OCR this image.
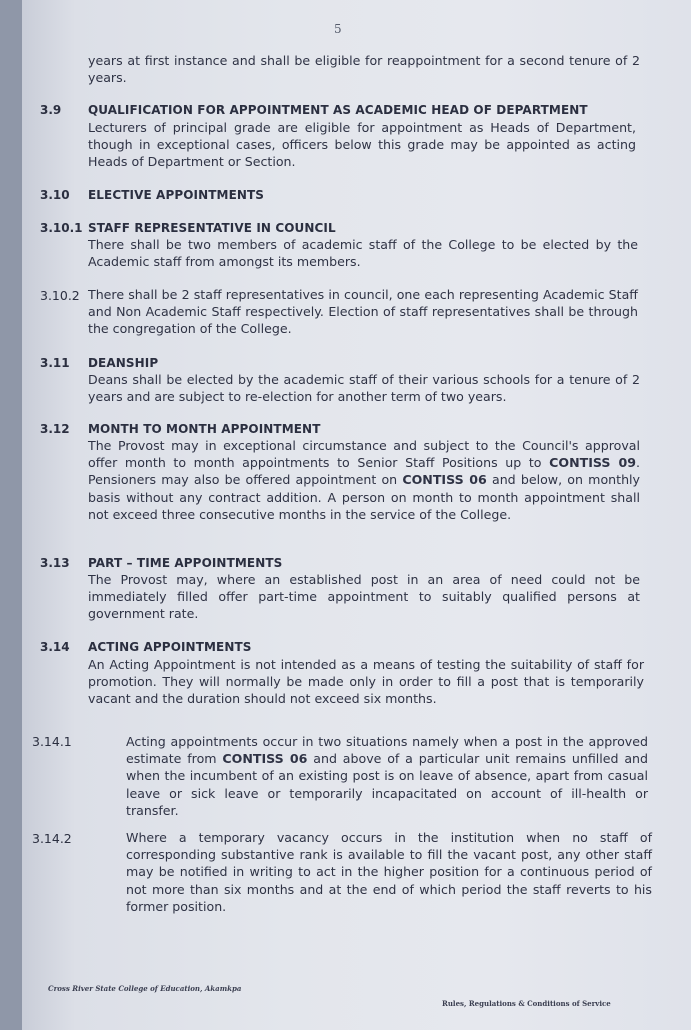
5
years at first instance and shall be eligible for reappointment for a second tenure of 2 years.
3.9 QUALIFICATION FOR APPOINTMENT AS ACADEMIC HEAD OF DEPARTMENT
Lecturers of principal grade are eligible for appointment as Heads of Department, though in exceptional cases, officers below this grade may be appointed as acting Heads of Department or Section.
3.10 ELECTIVE APPOINTMENTS
3.10.1 STAFF REPRESENTATIVE IN COUNCIL
There shall be two members of academic staff of the College to be elected by the Academic staff from amongst its members.
3.10.2 There shall be 2 staff representatives in council, one each representing Academic Staff and Non Academic Staff respectively. Election of staff representatives shall be through the congregation of the College.
3.11 DEANSHIP
Deans shall be elected by the academic staff of their various schools for a tenure of 2 years and are subject to re-election for another term of two years.
3.12 MONTH TO MONTH APPOINTMENT
The Provost may in exceptional circumstance and subject to the Council's approval offer month to month appointments to Senior Staff Positions up to CONTISS 09. Pensioners may also be offered appointment on CONTISS 06 and below, on monthly basis without any contract addition. A person on month to month appointment shall not exceed three consecutive months in the service of the College.
3.13 PART – TIME APPOINTMENTS
The Provost may, where an established post in an area of need could not be immediately filled offer part-time appointment to suitably qualified persons at government rate.
3.14 ACTING APPOINTMENTS
An Acting Appointment is not intended as a means of testing the suitability of staff for promotion. They will normally be made only in order to fill a post that is temporarily vacant and the duration should not exceed six months.
3.14.1	Acting appointments occur in two situations namely when a post in the approved estimate from CONTISS 06 and above of a particular unit remains unfilled and when the incumbent of an existing post is on leave of absence, apart from casual leave or sick leave or temporarily incapacitated on account of ill-health or transfer.
3.14.2	Where a temporary vacancy occurs in the institution when no staff of corresponding substantive rank is available to fill the vacant post, any other staff may be notified in writing to act in the higher position for a continuous period of not more than six months and at the end of which period the staff reverts to his former position.
Cross River State College of Education, Akamkpa
Rules, Regulations & Conditions of Service
